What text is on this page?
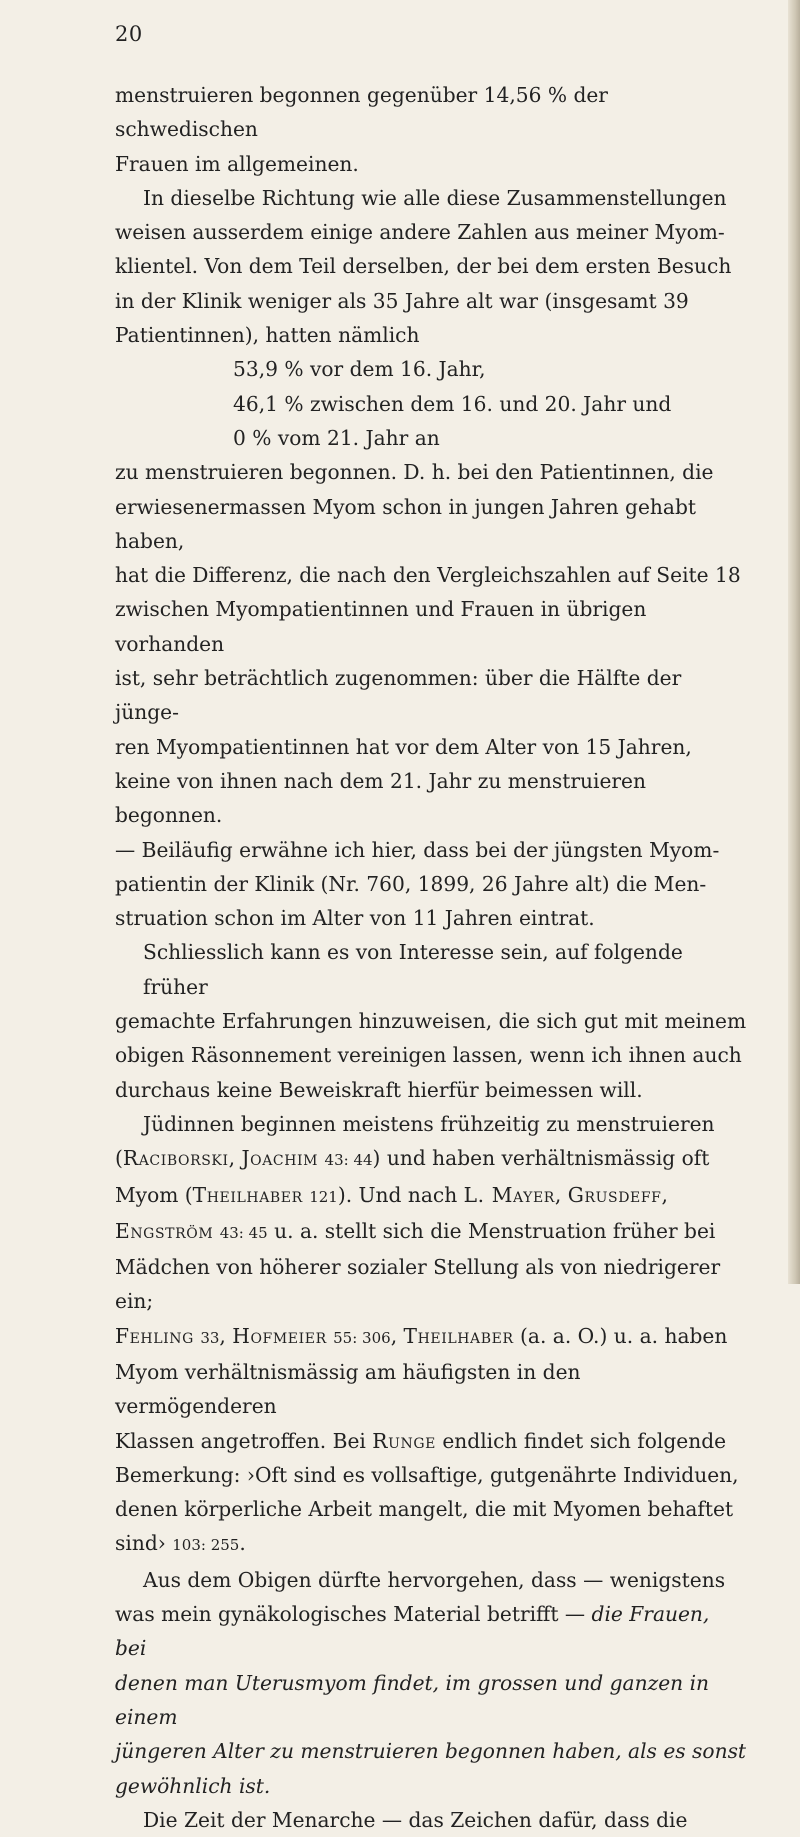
20
menstruieren begonnen gegenüber 14,56 % der schwedischen
Frauen im allgemeinen.
In dieselbe Richtung wie alle diese Zusammenstellungen
weisen ausserdem einige andere Zahlen aus meiner Myom-
klientel. Von dem Teil derselben, der bei dem ersten Besuch
in der Klinik weniger als 35 Jahre alt war (insgesamt 39
Patientinnen), hatten nämlich
53,9 % vor dem 16. Jahr,
46,1 % zwischen dem 16. und 20. Jahr und
0 % vom 21. Jahr an
zu menstruieren begonnen. D. h. bei den Patientinnen, die
erwiesenermassen Myom schon in jungen Jahren gehabt haben,
hat die Differenz, die nach den Vergleichszahlen auf Seite 18
zwischen Myompatientinnen und Frauen in übrigen vorhanden
ist, sehr beträchtlich zugenommen: über die Hälfte der jünge-
ren Myompatientinnen hat vor dem Alter von 15 Jahren,
keine von ihnen nach dem 21. Jahr zu menstruieren begonnen.
— Beiläufig erwähne ich hier, dass bei der jüngsten Myom-
patientin der Klinik (Nr. 760, 1899, 26 Jahre alt) die Men-
struation schon im Alter von 11 Jahren eintrat.
Schliesslich kann es von Interesse sein, auf folgende früher
gemachte Erfahrungen hinzuweisen, die sich gut mit meinem
obigen Räsonnement vereinigen lassen, wenn ich ihnen auch
durchaus keine Beweiskraft hierfür beimessen will.
Jüdinnen beginnen meistens frühzeitig zu menstruieren
(Raciborski, Joachim 43: 44) und haben verhältnismässig oft
Myom (Theilhaber 121). Und nach L. Mayer, Grusdeff,
Engström 43: 45 u. a. stellt sich die Menstruation früher bei
Mädchen von höherer sozialer Stellung als von niedrigerer ein;
Fehling 33, Hofmeier 55: 306, Theilhaber (a. a. O.) u. a. haben
Myom verhältnismässig am häufigsten in den vermögenderen
Klassen angetroffen. Bei Runge endlich findet sich folgende
Bemerkung: ›Oft sind es vollsaftige, gutgenährte Individuen,
denen körperliche Arbeit mangelt, die mit Myomen behaftet
sind› 103: 255.
Aus dem Obigen dürfte hervorgehen, dass — wenigstens
was mein gynäkologisches Material betrifft — die Frauen, bei
denen man Uterusmyom findet, im grossen und ganzen in einem
jüngeren Alter zu menstruieren begonnen haben, als es sonst
gewöhnlich ist.
Die Zeit der Menarche — das Zeichen dafür, dass die
